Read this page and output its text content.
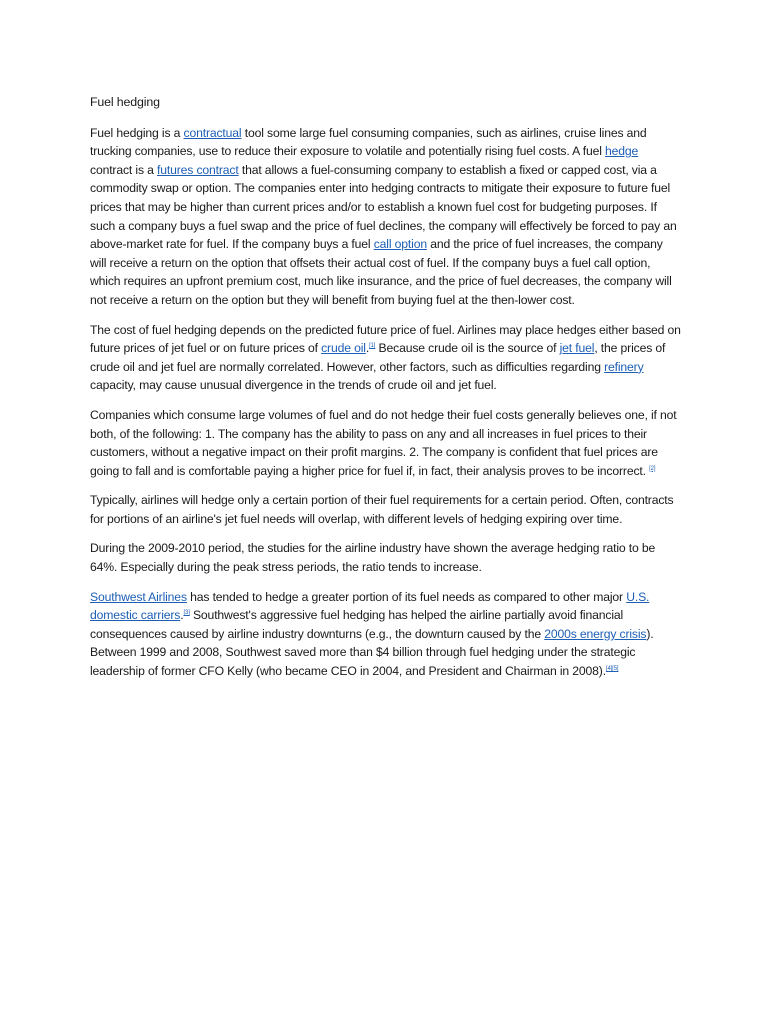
Fuel hedging

Fuel hedging is a contractual tool some large fuel consuming companies, such as airlines, cruise lines and trucking companies, use to reduce their exposure to volatile and potentially rising fuel costs. A fuel hedge contract is a futures contract that allows a fuel-consuming company to establish a fixed or capped cost, via a commodity swap or option. The companies enter into hedging contracts to mitigate their exposure to future fuel prices that may be higher than current prices and/or to establish a known fuel cost for budgeting purposes. If such a company buys a fuel swap and the price of fuel declines, the company will effectively be forced to pay an above-market rate for fuel. If the company buys a fuel call option and the price of fuel increases, the company will receive a return on the option that offsets their actual cost of fuel. If the company buys a fuel call option, which requires an upfront premium cost, much like insurance, and the price of fuel decreases, the company will not receive a return on the option but they will benefit from buying fuel at the then-lower cost.

The cost of fuel hedging depends on the predicted future price of fuel. Airlines may place hedges either based on future prices of jet fuel or on future prices of crude oil.[1] Because crude oil is the source of jet fuel, the prices of crude oil and jet fuel are normally correlated. However, other factors, such as difficulties regarding refinery capacity, may cause unusual divergence in the trends of crude oil and jet fuel.

Companies which consume large volumes of fuel and do not hedge their fuel costs generally believes one, if not both, of the following: 1. The company has the ability to pass on any and all increases in fuel prices to their customers, without a negative impact on their profit margins. 2. The company is confident that fuel prices are going to fall and is comfortable paying a higher price for fuel if, in fact, their analysis proves to be incorrect. [2]

Typically, airlines will hedge only a certain portion of their fuel requirements for a certain period. Often, contracts for portions of an airline's jet fuel needs will overlap, with different levels of hedging expiring over time.

During the 2009-2010 period, the studies for the airline industry have shown the average hedging ratio to be 64%. Especially during the peak stress periods, the ratio tends to increase.

Southwest Airlines has tended to hedge a greater portion of its fuel needs as compared to other major U.S. domestic carriers.[3] Southwest's aggressive fuel hedging has helped the airline partially avoid financial consequences caused by airline industry downturns (e.g., the downturn caused by the 2000s energy crisis). Between 1999 and 2008, Southwest saved more than $4 billion through fuel hedging under the strategic leadership of former CFO Kelly (who became CEO in 2004, and President and Chairman in 2008).[4][5]
